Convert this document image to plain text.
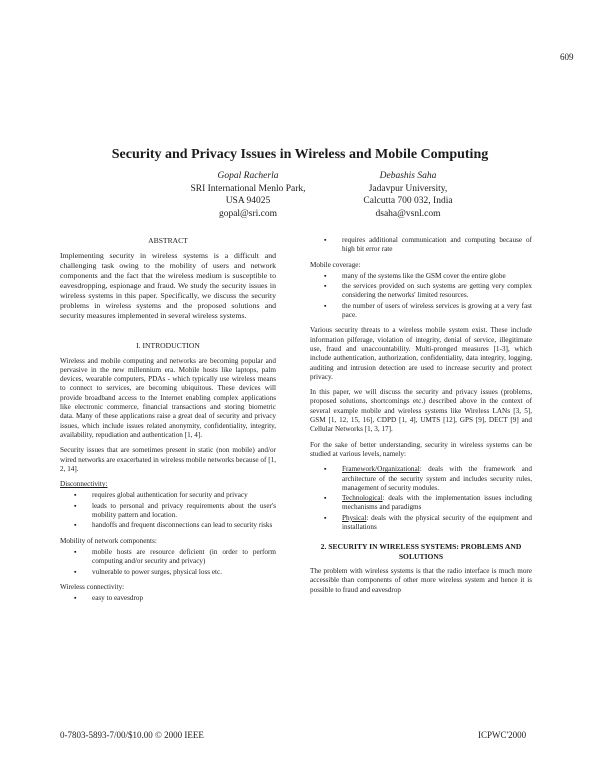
609
Security and Privacy Issues in Wireless and Mobile Computing
Gopal Racherla
SRI International Menlo Park,
USA 94025
gopal@sri.com
Debashis Saha
Jadavpur University,
Calcutta 700 032, India
dsaha@vsnl.com
ABSTRACT

Implementing security in wireless systems is a difficult and challenging task owing to the mobility of users and network components and the fact that the wireless medium is susceptible to eavesdropping, espionage and fraud. We study the security issues in wireless systems in this paper. Specifically, we discuss the security problems in wireless systems and the proposed solutions and security measures implemented in several wireless systems.

I. INTRODUCTION

Wireless and mobile computing and networks are becoming popular and pervasive in the new millennium era. Mobile hosts like laptops, palm devices, wearable computers, PDAs - which typically use wireless means to connect to services, are becoming ubiquitous. These devices will provide broadband access to the Internet enabling complex applications like electronic commerce, financial transactions and storing biometric data. Many of these applications raise a great deal of security and privacy issues, which include issues related anonymity, confidentiality, integrity, availability, repudiation and authentication [1, 4].

Security issues that are sometimes present in static (non mobile) and/or wired networks are exacerbated in wireless mobile networks because of [1, 2, 14].

Disconnectivity:
▪ requires global authentication for security and privacy
▪ leads to personal and privacy requirements about the user's mobility pattern and location.
▪ handoffs and frequent disconnections can lead to security risks
Mobility of network components:
▪ mobile hosts are resource deficient (in order to perform computing and/or security and privacy)
▪ vulnerable to power surges, physical loss etc.
Wireless connectivity:
▪ easy to eavesdrop
▪ requires additional communication and computing because of high bit error rate
Mobile coverage:
▪ many of the systems like the GSM cover the entire globe
▪ the services provided on such systems are getting very complex considering the networks' limited resources.
▪ the number of users of wireless services is growing at a very fast pace.

Various security threats to a wireless mobile system exist. These include information pilferage, violation of integrity, denial of service, illegitimate use, fraud and unaccountability. Multi-pronged measures [1-3], which include authentication, authorization, confidentiality, data integrity, logging, auditing and intrusion detection are used to increase security and protect privacy.

In this paper, we will discuss the security and privacy issues (problems, proposed solutions, shortcomings etc.) described above in the context of several example mobile and wireless systems like Wireless LANs [3, 5], GSM [1, 12, 15, 16], CDPD [1, 4], UMTS [12], GPS [9], DECT [9] and Cellular Networks [1, 3, 17].

For the sake of better understanding, security in wireless systems can be studied at various levels, namely:

▪ Framework/Organizational: deals with the framework and architecture of the security system and includes security rules, management of security modules.
▪ Technological: deals with the implementation issues including mechanisms and paradigms
▪ Physical: deals with the physical security of the equipment and installations
2. SECURITY IN WIRELESS SYSTEMS: PROBLEMS AND SOLUTIONS

The problem with wireless systems is that the radio interface is much more accessible than components of other more wireless system and hence it is possible to fraud and eavesdrop

0-7803-5893-7/00/$10.00 © 2000 IEEE	ICPWC'2000
